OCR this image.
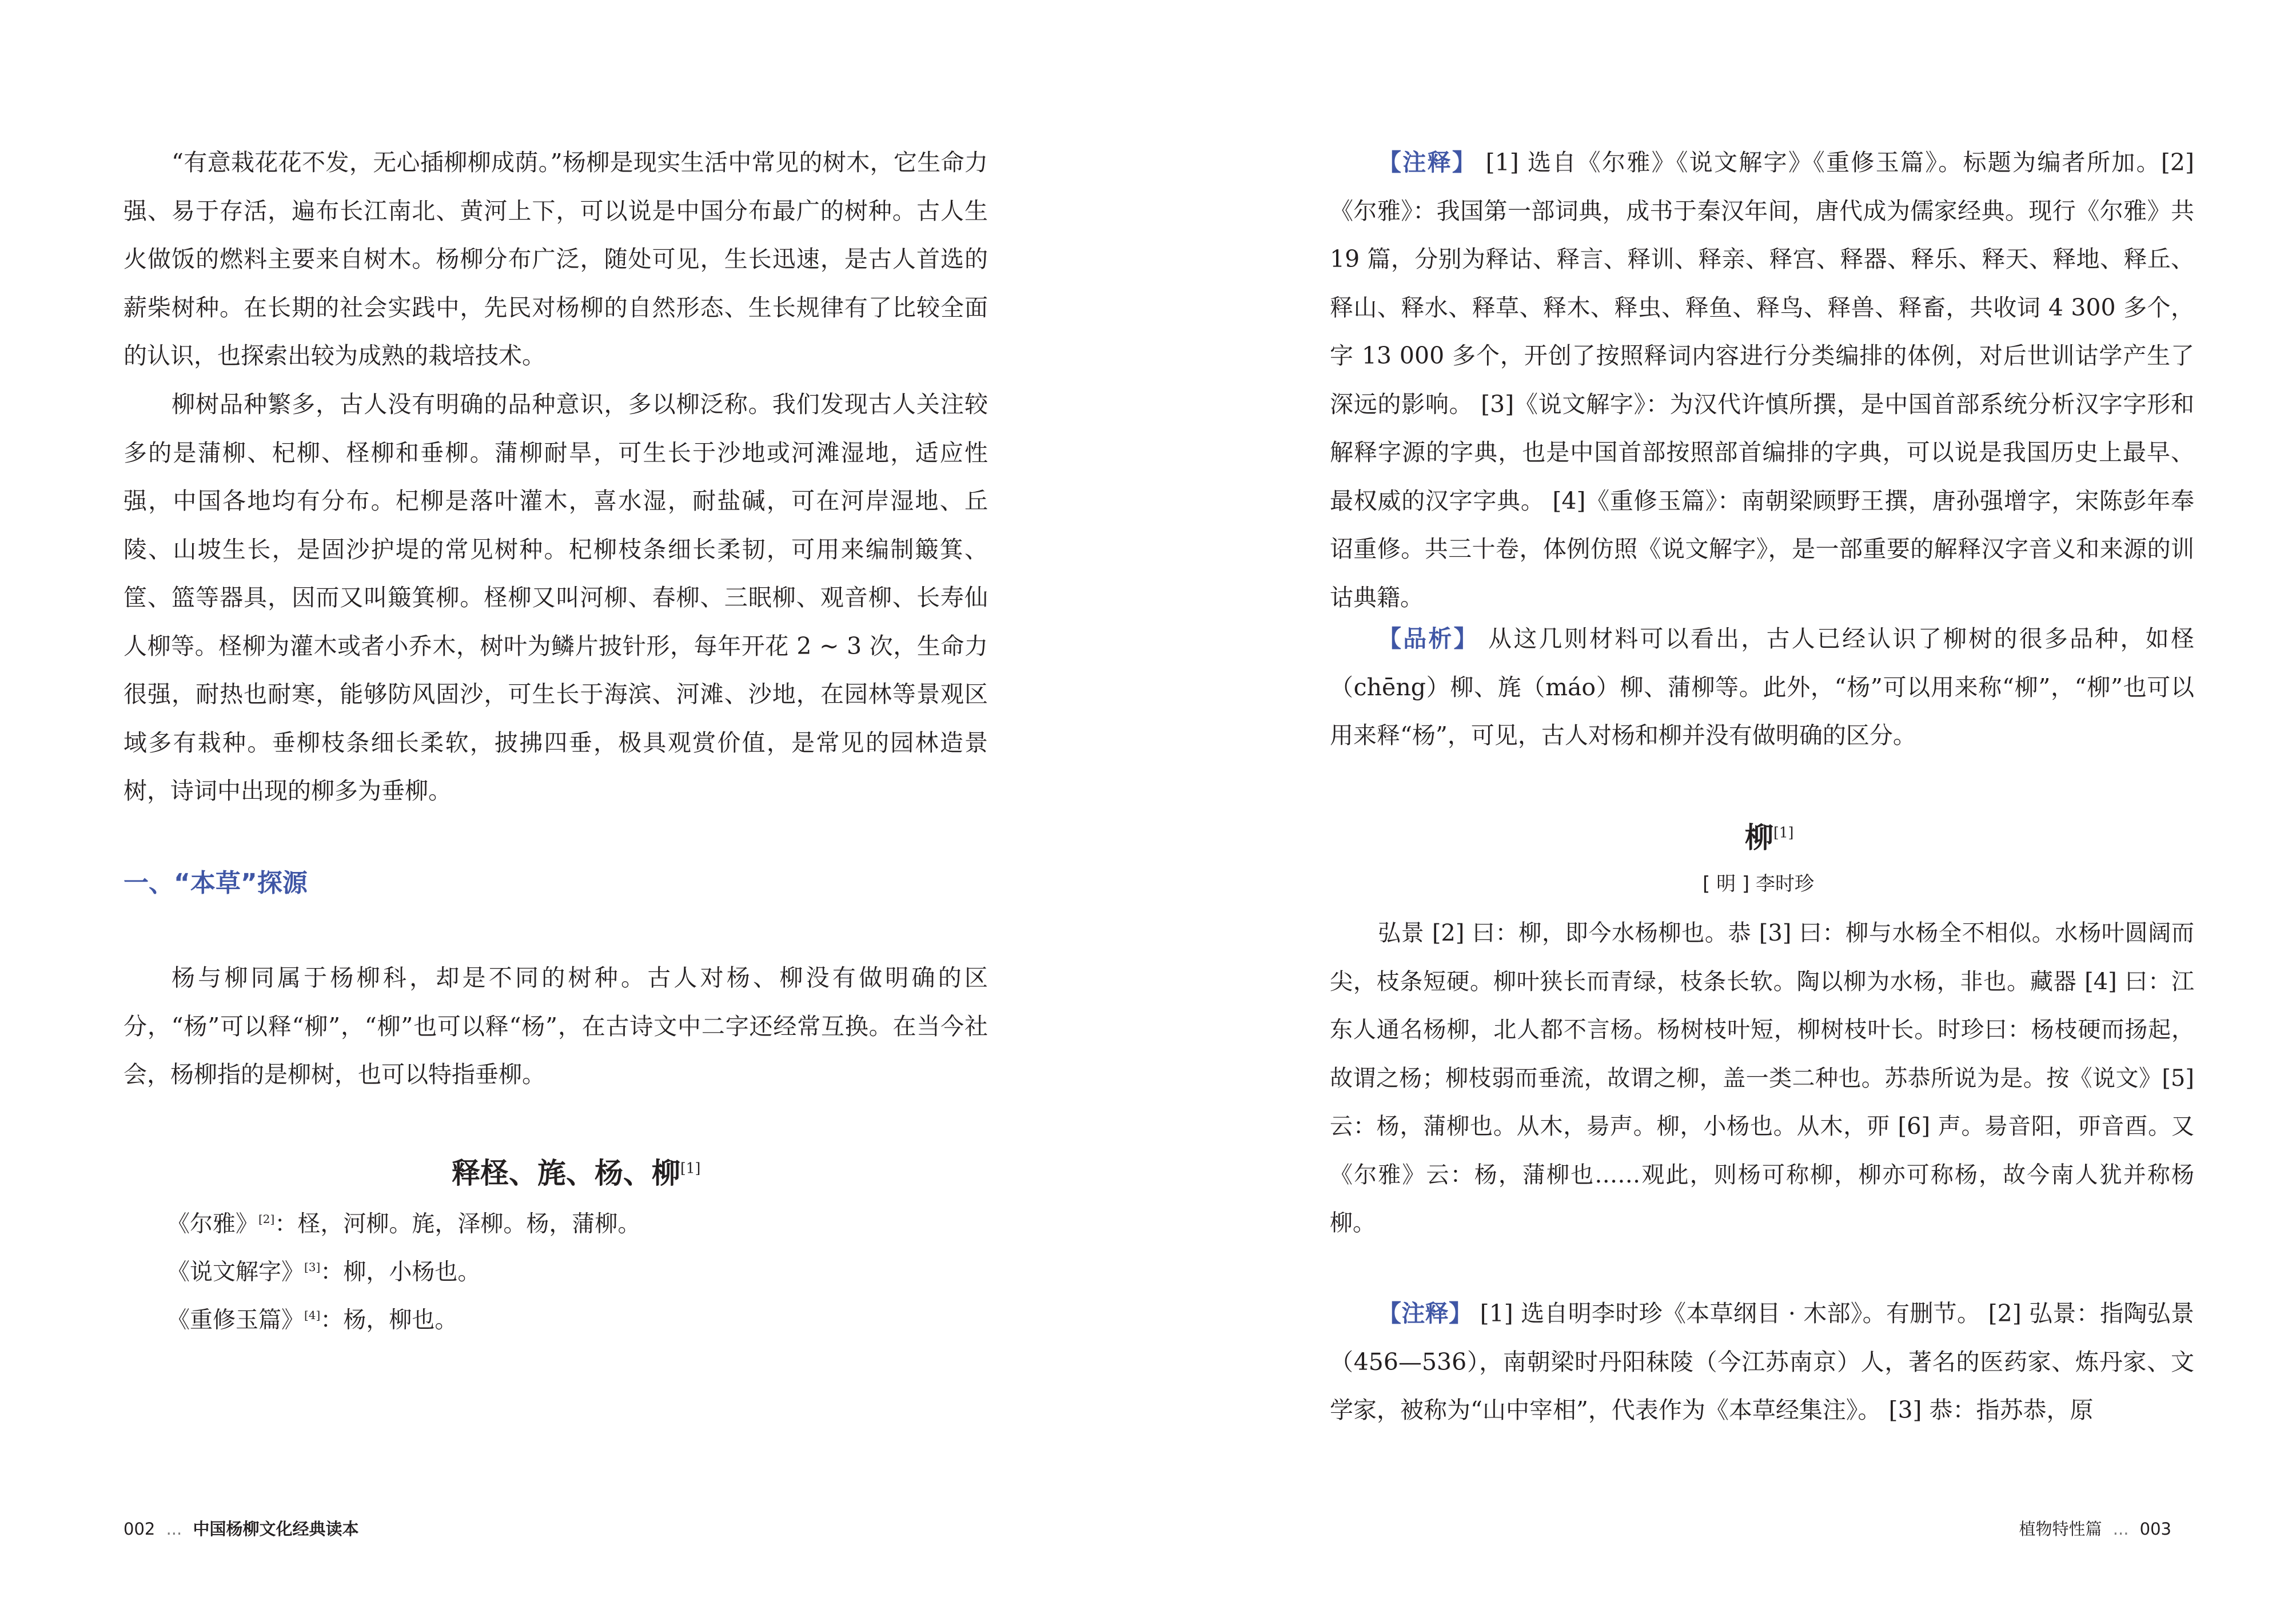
“有意栽花花不发，无心插柳柳成荫。”杨柳是现实生活中常见的树木，它生命力强、易于存活，遍布长江南北、黄河上下，可以说是中国分布最广的树种。古人生火做饭的燃料主要来自树木。杨柳分布广泛，随处可见，生长迅速，是古人首选的薪柴树种。在长期的社会实践中，先民对杨柳的自然形态、生长规律有了比较全面的认识，也探索出较为成熟的栽培技术。

柳树品种繁多，古人没有明确的品种意识，多以柳泛称。我们发现古人关注较多的是蒲柳、杞柳、柽柳和垂柳。蒲柳耐旱，可生长于沙地或河滩湿地，适应性强，中国各地均有分布。杞柳是落叶灌木，喜水湿，耐盐碱，可在河岸湿地、丘陵、山坡生长，是固沙护堤的常见树种。杞柳枝条细长柔韧，可用来编制簸箕、筐、篮等器具，因而又叫簸箕柳。柽柳又叫河柳、春柳、三眠柳、观音柳、长寿仙人柳等。柽柳为灌木或者小乔木，树叶为鳞片披针形，每年开花 2 ~ 3 次，生命力很强，耐热也耐寒，能够防风固沙，可生长于海滨、河滩、沙地，在园林等景观区域多有栽种。垂柳枝条细长柔软，披拂四垂，极具观赏价值，是常见的园林造景树，诗词中出现的柳多为垂柳。

一、“本草”探源

杨与柳同属于杨柳科，却是不同的树种。古人对杨、柳没有做明确的区分，“杨”可以释“柳”，“柳”也可以释“杨”，在古诗文中二字还经常互换。在当今社会，杨柳指的是柳树，也可以特指垂柳。

释柽、旄、杨、柳[1]
《尔雅》[2]：柽，河柳。旄，泽柳。杨，蒲柳。
《说文解字》[3]：柳，小杨也。
《重修玉篇》[4]：杨，柳也。
002 ... 中国杨柳文化经典读本

【注释】 [1] 选自《尔雅》《说文解字》《重修玉篇》。标题为编者所加。[2]《尔雅》：我国第一部词典，成书于秦汉年间，唐代成为儒家经典。现行《尔雅》共 19 篇，分别为释诂、释言、释训、释亲、释宫、释器、释乐、释天、释地、释丘、释山、释水、释草、释木、释虫、释鱼、释鸟、释兽、释畜，共收词 4 300 多个，字 13 000 多个，开创了按照释词内容进行分类编排的体例，对后世训诂学产生了深远的影响。 [3]《说文解字》：为汉代许慎所撰，是中国首部系统分析汉字字形和解释字源的字典，也是中国首部按照部首编排的字典，可以说是我国历史上最早、最权威的汉字字典。 [4]《重修玉篇》：南朝梁顾野王撰，唐孙强增字，宋陈彭年奉诏重修。共三十卷，体例仿照《说文解字》，是一部重要的解释汉字音义和来源的训诂典籍。

【品析】 从这几则材料可以看出，古人已经认识了柳树的很多品种，如柽（chēng）柳、旄（máo）柳、蒲柳等。此外，“杨”可以用来称“柳”，“柳”也可以用来释“杨”，可见，古人对杨和柳并没有做明确的区分。

柳[1]
[ 明 ] 李时珍

弘景 [2] 曰：柳，即今水杨柳也。恭 [3] 曰：柳与水杨全不相似。水杨叶圆阔而尖，枝条短硬。柳叶狭长而青绿，枝条长软。陶以柳为水杨，非也。藏器 [4] 曰：江东人通名杨柳，北人都不言杨。杨树枝叶短，柳树枝叶长。时珍曰：杨枝硬而扬起，故谓之杨；柳枝弱而垂流，故谓之柳，盖一类二种也。苏恭所说为是。按《说文》[5] 云：杨，蒲柳也。从木，昜声。柳，小杨也。从木，丣 [6] 声。昜音阳，丣音酉。又《尔雅》云：杨，蒲柳也……观此，则杨可称柳，柳亦可称杨，故今南人犹并称杨柳。

【注释】 [1] 选自明李时珍《本草纲目 · 木部》。有删节。 [2] 弘景：指陶弘景（456—536），南朝梁时丹阳秣陵（今江苏南京）人，著名的医药家、炼丹家、文学家，被称为“山中宰相”，代表作为《本草经集注》。 [3] 恭：指苏恭，原

植物特性篇 ... 003
